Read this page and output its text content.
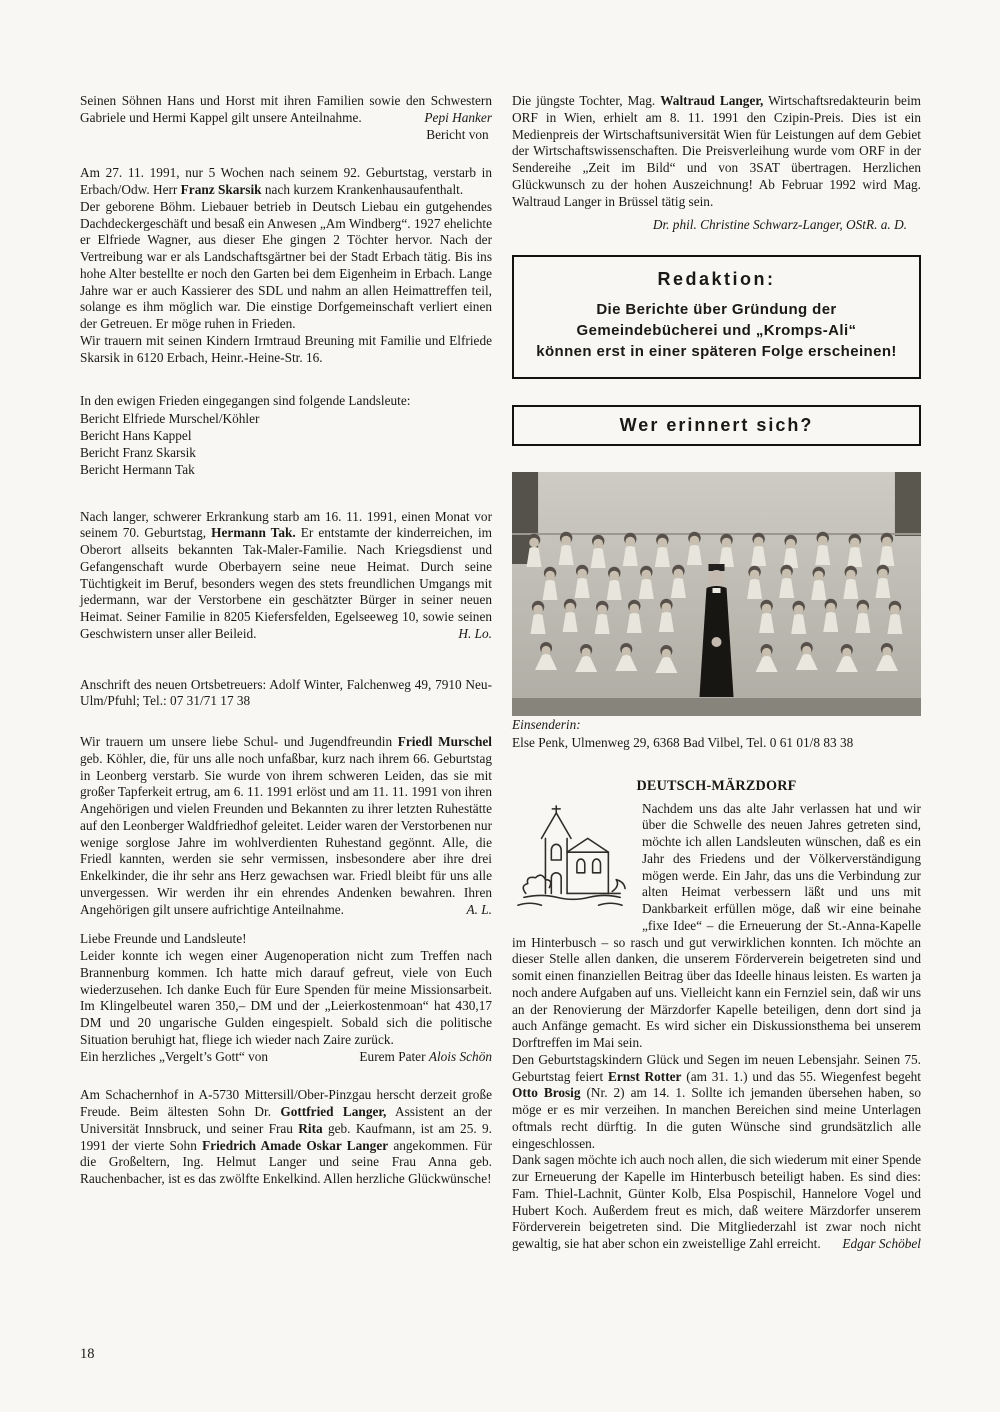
Seinen Söhnen Hans und Horst mit ihren Familien sowie den Schwestern Gabriele und Hermi Kappel gilt unsere Anteilnahme.	Pepi Hanker
Bericht von

Am 27. 11. 1991, nur 5 Wochen nach seinem 92. Geburtstag, verstarb in Erbach/Odw. Herr Franz Skarsik nach kurzem Krankenhausaufenthalt.

Der geborene Böhm. Liebauer betrieb in Deutsch Liebau ein gutgehendes Dachdeckergeschäft und besaß ein Anwesen „Am Windberg“. 1927 ehelichte er Elfriede Wagner, aus dieser Ehe gingen 2 Töchter hervor. Nach der Vertreibung war er als Landschaftsgärtner bei der Stadt Erbach tätig. Bis ins hohe Alter bestellte er noch den Garten bei dem Eigenheim in Erbach. Lange Jahre war er auch Kassierer des SDL und nahm an allen Heimattreffen teil, solange es ihm möglich war. Die einstige Dorfgemeinschaft verliert einen der Getreuen. Er möge ruhen in Frieden.

Wir trauern mit seinen Kindern Irmtraud Breuning mit Familie und Elfriede Skarsik in 6120 Erbach, Heinr.-Heine-Str. 16.

In den ewigen Frieden eingegangen sind folgende Landsleute:
Bericht Elfriede Murschel/Köhler
Bericht Hans Kappel
Bericht Franz Skarsik
Bericht Hermann Tak

Nach langer, schwerer Erkrankung starb am 16. 11. 1991, einen Monat vor seinem 70. Geburtstag, Hermann Tak. Er entstamte der kinderreichen, im Oberort allseits bekannten Tak-Maler-Familie. Nach Kriegsdienst und Gefangenschaft wurde Oberbayern seine neue Heimat. Durch seine Tüchtigkeit im Beruf, besonders wegen des stets freundlichen Umgangs mit jedermann, war der Verstorbene ein geschätzter Bürger in seiner neuen Heimat. Seiner Familie in 8205 Kiefersfelden, Egelseeweg 10, sowie seinen Geschwistern unser aller Beileid.	H. Lo.

Anschrift des neuen Ortsbetreuers: Adolf Winter, Falchenweg 49, 7910 Neu-Ulm/Pfuhl; Tel.: 07 31/71 17 38

Wir trauern um unsere liebe Schul- und Jugendfreundin Friedl Murschel geb. Köhler, die, für uns alle noch unfaßbar, kurz nach ihrem 66. Geburtstag in Leonberg verstarb. Sie wurde von ihrem schweren Leiden, das sie mit großer Tapferkeit ertrug, am 6. 11. 1991 erlöst und am 11. 11. 1991 von ihren Angehörigen und vielen Freunden und Bekannten zu ihrer letzten Ruhestätte auf den Leonberger Waldfriedhof geleitet. Leider waren der Verstorbenen nur wenige sorglose Jahre im wohlverdienten Ruhestand gegönnt. Alle, die Friedl kannten, werden sie sehr vermissen, insbesondere aber ihre drei Enkelkinder, die ihr sehr ans Herz gewachsen war. Friedl bleibt für uns alle unvergessen. Wir werden ihr ein ehrendes Andenken bewahren. Ihren Angehörigen gilt unsere aufrichtige Anteilnahme.	A. L.

Liebe Freunde und Landsleute!
Leider konnte ich wegen einer Augenoperation nicht zum Treffen nach Brannenburg kommen. Ich hatte mich darauf gefreut, viele von Euch wiederzusehen. Ich danke Euch für Eure Spenden für meine Missionsarbeit. Im Klingelbeutel waren 350,– DM und der „Leierkostenmoan“ hat 430,17 DM und 20 ungarische Gulden eingespielt. Sobald sich die politische Situation beruhigt hat, fliege ich wieder nach Zaire zurück.
Ein herzliches „Vergelt’s Gott“ von	Alois Schön
Eurem Pater

Am Schachernhof in A-5730 Mittersill/Ober-Pinzgau herscht derzeit große Freude. Beim ältesten Sohn Dr. Gottfried Langer, Assistent an der Universität Innsbruck, und seiner Frau Rita geb. Kaufmann, ist am 25. 9. 1991 der vierte Sohn Friedrich Amade Oskar Langer angekommen. Für die Großeltern, Ing. Helmut Langer und seine Frau Anna geb. Rauchenbacher, ist es das zwölfte Enkelkind. Allen herzliche Glückwünsche!

Die jüngste Tochter, Mag. Waltraud Langer, Wirtschaftsredakteurin beim ORF in Wien, erhielt am 8. 11. 1991 den Czipin-Preis. Dies ist ein Medienpreis der Wirtschaftsuniversität Wien für Leistungen auf dem Gebiet der Wirtschaftswissenschaften. Die Preisverleihung wurde vom ORF in der Sendereihe „Zeit im Bild“ und von 3SAT übertragen. Herzlichen Glückwunsch zu der hohen Auszeichnung! Ab Februar 1992 wird Mag. Waltraud Langer in Brüssel tätig sein.

Dr. phil. Christine Schwarz-Langer, OStR. a. D.
Redaktion:
Die Berichte über Gründung der
Gemeindebücherei und „Kromps-Ali“
können erst in einer späteren Folge erscheinen!
Wer erinnert sich?
Einsenderin:
Else Penk, Ulmenweg 29, 6368 Bad Vilbel, Tel. 0 61 01/8 83 38
DEUTSCH-MÄRZDORF

Nachdem uns das alte Jahr verlassen hat und wir über die Schwelle des neuen Jahres getreten sind, möchte ich allen Landsleuten wünschen, daß es ein Jahr des Friedens und der Völkerverständigung mögen werde. Ein Jahr, das uns die Verbindung zur alten Heimat verbessern läßt und uns mit Dankbarkeit erfüllen möge, daß wir eine beinahe „fixe Idee“ – die Erneuerung der St.-Anna-Kapelle im Hinterbusch – so rasch und gut verwirklichen konnten. Ich möchte an dieser Stelle allen danken, die unserem Förderverein beigetreten sind und somit einen finanziellen Beitrag über das Ideelle hinaus leisten. Es warten ja noch andere Aufgaben auf uns. Vielleicht kann ein Fernziel sein, daß wir uns an der Renovierung der Märzdorfer Kapelle beteiligen, denn dort sind ja auch Anfänge gemacht. Es wird sicher ein Diskussionsthema bei unserem Dorftreffen im Mai sein.

Den Geburtstagskindern Glück und Segen im neuen Lebensjahr. Seinen 75. Geburtstag feiert Ernst Rotter (am 31. 1.) und das 55. Wiegenfest begeht Otto Brosig (Nr. 2) am 14. 1. Sollte ich jemanden übersehen haben, so möge er es mir verzeihen. In manchen Bereichen sind meine Unterlagen oftmals recht dürftig. In die guten Wünsche sind grundsätzlich alle eingeschlossen.

Dank sagen möchte ich auch noch allen, die sich wiederum mit einer Spende zur Erneuerung der Kapelle im Hinterbusch beteiligt haben. Es sind dies: Fam. Thiel-Lachnit, Günter Kolb, Elsa Pospischil, Hannelore Vogel und Hubert Koch. Außerdem freut es mich, daß weitere Märzdorfer unserem Förderverein beigetreten sind. Die Mitgliederzahl ist zwar noch nicht gewaltig, sie hat aber schon ein zweistellige Zahl erreicht. Edgar Schöbel

18
